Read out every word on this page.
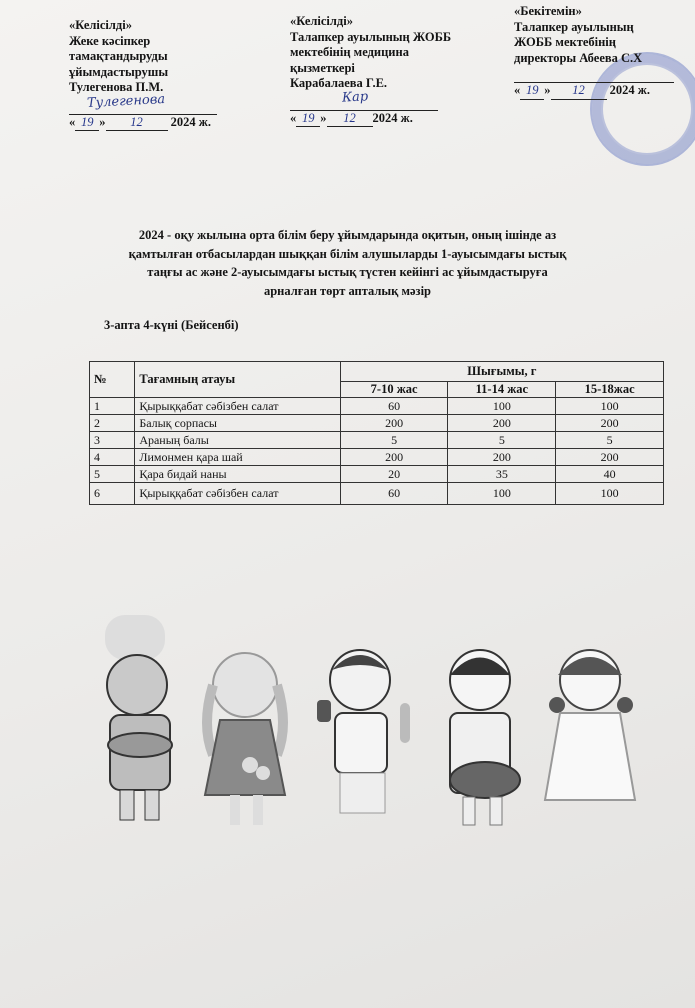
«Келісілді»
Жеке кәсіпкер
тамақтандыруды
ұйымдастырушы
Тулегенова П.М.
Тулегенова
« 19 » 12 2024 ж.
«Келісілді»
Талапкер ауылының ЖОББ
мектебінің медицина
қызметкері
Карабалаева Г.Е.
Кар
« 19 » 12 2024 ж.
«Бекітемін»
Талапкер ауылының
ЖОББ мектебінің
директоры Абеева С.Х
« 19 » 12 2024 ж.
2024 - оқу жылына орта білім беру ұйымдарында оқитын, оның ішінде аз
қамтылған отбасылардан шыққан білім алушыларды 1-ауысымдағы ыстық
таңғы ас және 2-ауысымдағы ыстық түстен кейінгі ас ұйымдастыруға
арналған төрт апталық мәзір
3-апта 4-күні (Бейсенбі)
№	Тағамның атауы	Шығымы, г		
		7-10 жас	11-14 жас	15-18жас
1	Қырыққабат сәбізбен салат	60	100	100
2	Балық сорпасы	200	200	200
3	Араның балы	5	5	5
4	Лимонмен қара шай	200	200	200
5	Қара бидай наны	20	35	40
6	Қырыққабат сәбізбен салат	60	100	100
